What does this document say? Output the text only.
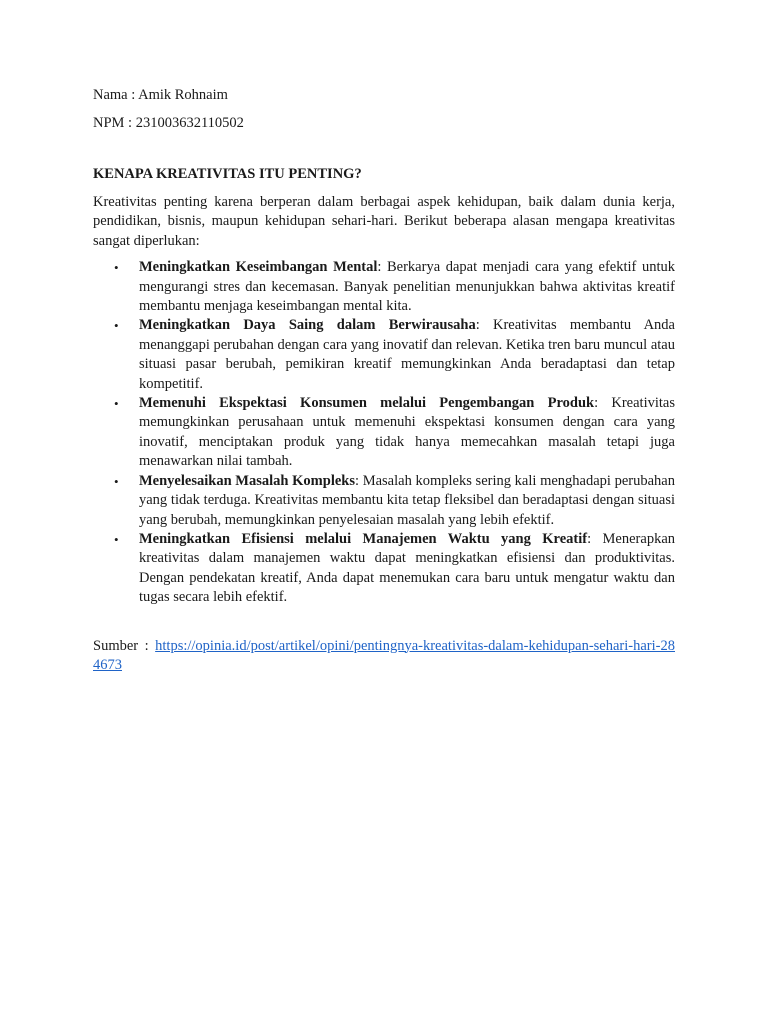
Nama : Amik Rohnaim

NPM : 231003632110502

KENAPA KREATIVITAS ITU PENTING?

Kreativitas penting karena berperan dalam berbagai aspek kehidupan, baik dalam dunia kerja, pendidikan, bisnis, maupun kehidupan sehari-hari. Berikut beberapa alasan mengapa kreativitas sangat diperlukan:

• Meningkatkan Keseimbangan Mental: Berkarya dapat menjadi cara yang efektif untuk mengurangi stres dan kecemasan. Banyak penelitian menunjukkan bahwa aktivitas kreatif membantu menjaga keseimbangan mental kita.
• Meningkatkan Daya Saing dalam Berwirausaha: Kreativitas membantu Anda menanggapi perubahan dengan cara yang inovatif dan relevan. Ketika tren baru muncul atau situasi pasar berubah, pemikiran kreatif memungkinkan Anda beradaptasi dan tetap kompetitif.
• Memenuhi Ekspektasi Konsumen melalui Pengembangan Produk: Kreativitas memungkinkan perusahaan untuk memenuhi ekspektasi konsumen dengan cara yang inovatif, menciptakan produk yang tidak hanya memecahkan masalah tetapi juga menawarkan nilai tambah.
• Menyelesaikan Masalah Kompleks: Masalah kompleks sering kali menghadapi perubahan yang tidak terduga. Kreativitas membantu kita tetap fleksibel dan beradaptasi dengan situasi yang berubah, memungkinkan penyelesaian masalah yang lebih efektif.
• Meningkatkan Efisiensi melalui Manajemen Waktu yang Kreatif: Menerapkan kreativitas dalam manajemen waktu dapat meningkatkan efisiensi dan produktivitas. Dengan pendekatan kreatif, Anda dapat menemukan cara baru untuk mengatur waktu dan tugas secara lebih efektif.

Sumber : https://opinia.id/post/artikel/opini/pentingnya-kreativitas-dalam-kehidupan-sehari-hari-284673
